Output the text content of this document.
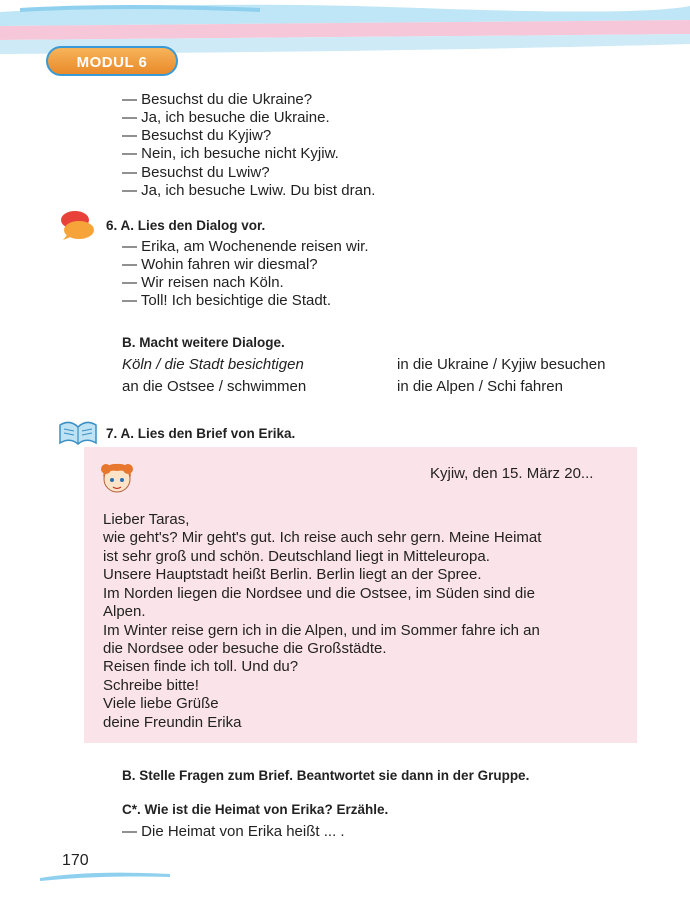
MODUL 6
— Besuchst du die Ukraine?
— Ja, ich besuche die Ukraine.
— Besuchst du Kyjiw?
— Nein, ich besuche nicht Kyjiw.
— Besuchst du Lwiw?
— Ja, ich besuche Lwiw. Du bist dran.
6. A. Lies den Dialog vor.
— Erika, am Wochenende reisen wir.
— Wohin fahren wir diesmal?
— Wir reisen nach Köln.
— Toll! Ich besichtige die Stadt.
B. Macht weitere Dialoge.
Köln / die Stadt besichtigen
an die Ostsee / schwimmen
in die Ukraine / Kyjiw besuchen
in die Alpen / Schi fahren
7. A. Lies den Brief von Erika.
Kyjiw, den 15. März 20...
Lieber Taras,
wie geht's? Mir geht's gut. Ich reise auch sehr gern. Meine Heimat
ist sehr groß und schön. Deutschland liegt in Mitteleuropa.
Unsere Hauptstadt heißt Berlin. Berlin liegt an der Spree.
Im Norden liegen die Nordsee und die Ostsee, im Süden sind die
Alpen.
Im Winter reise gern ich in die Alpen, und im Sommer fahre ich an
die Nordsee oder besuche die Großstädte.
Reisen finde ich toll. Und du?
Schreibe bitte!
Viele liebe Grüße
deine Freundin Erika
B. Stelle Fragen zum Brief. Beantwortet sie dann in der Gruppe.
C*. Wie ist die Heimat von Erika? Erzähle.
— Die Heimat von Erika heißt ... .
170
